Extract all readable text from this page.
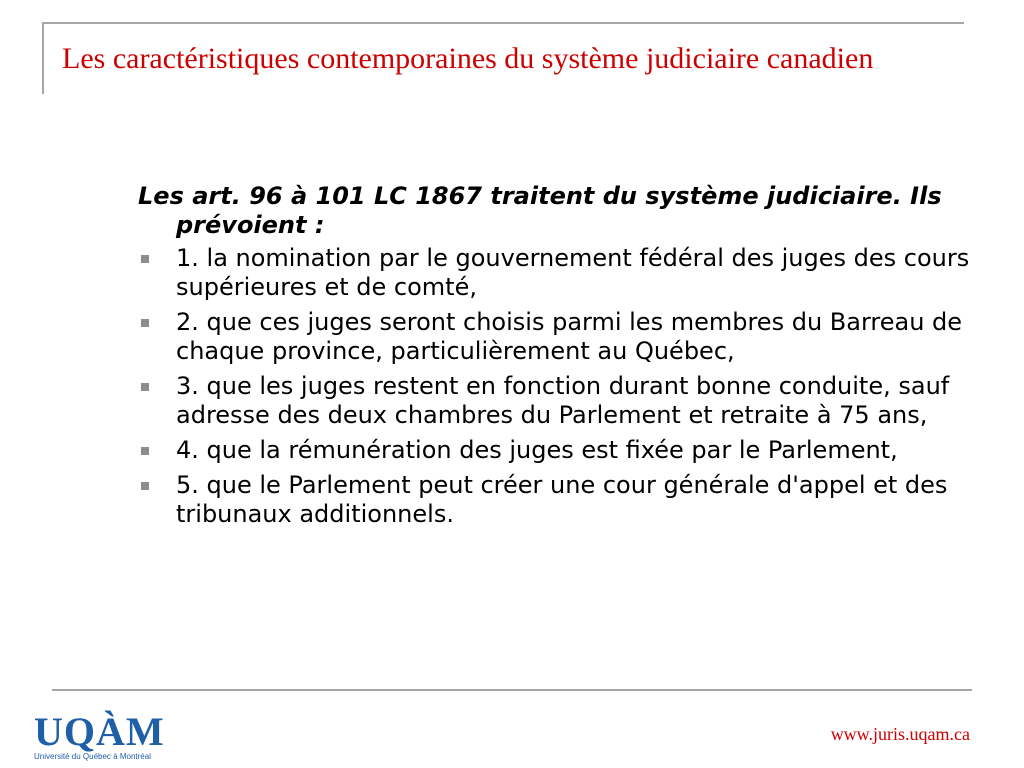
Les caractéristiques contemporaines du système judiciaire canadien

Les art. 96 à 101 LC 1867 traitent du système judiciaire. Ils prévoient :

1. la nomination par le gouvernement fédéral des juges des cours supérieures et de comté,
2. que ces juges seront choisis parmi les membres du Barreau de chaque province, particulièrement au Québec,
3. que les juges restent en fonction durant bonne conduite, sauf adresse des deux chambres du Parlement et retraite à 75 ans,
4. que la rémunération des juges est fixée par le Parlement,
5. que le Parlement peut créer une cour générale d'appel et des tribunaux additionnels.
UQÀM
Université du Québec à Montréal
www.juris.uqam.ca
